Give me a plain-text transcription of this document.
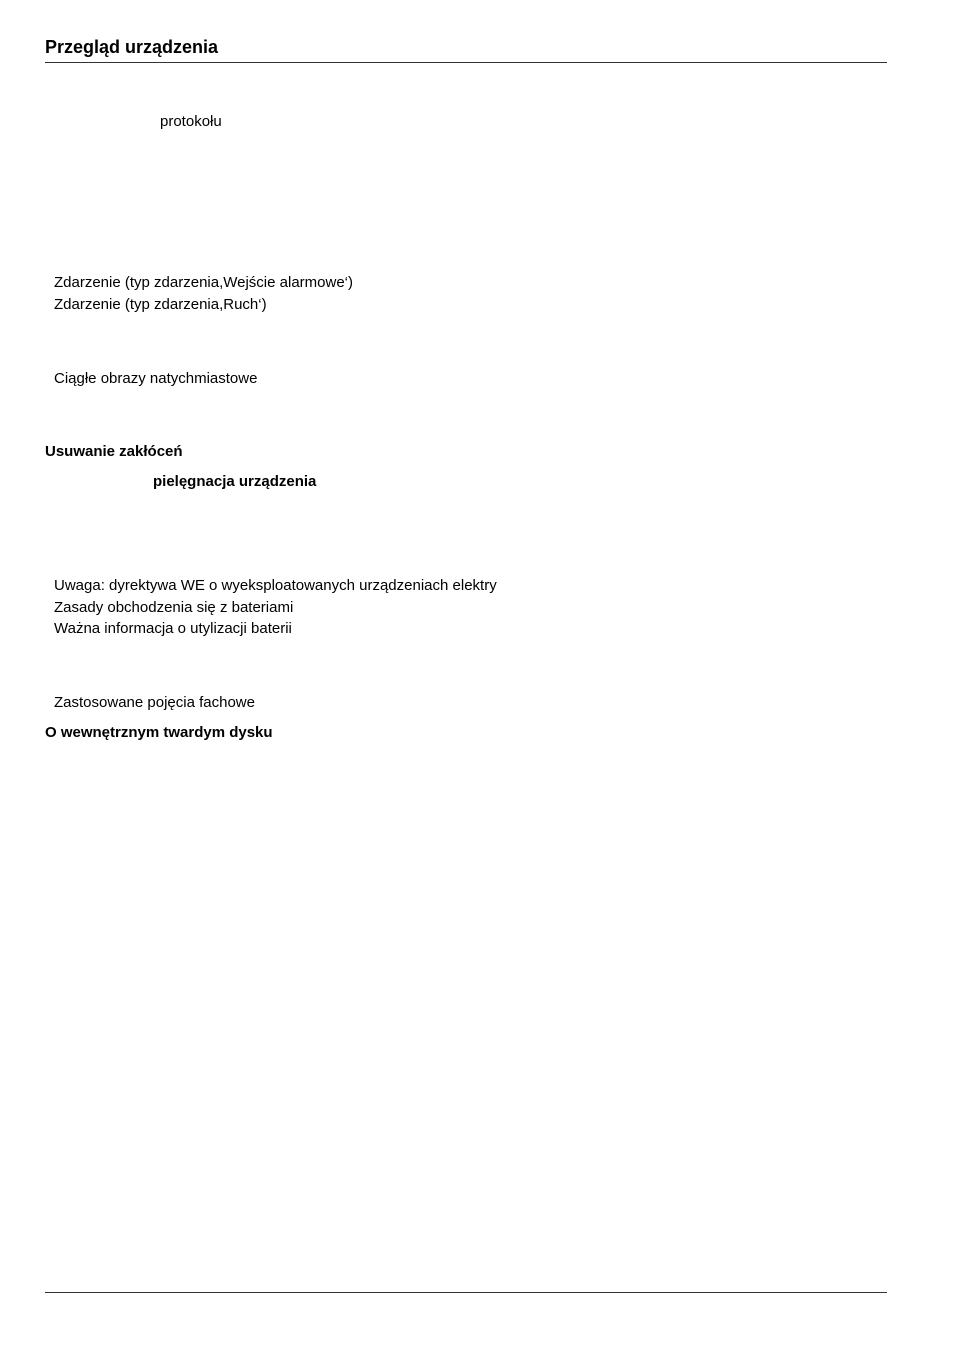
Przegląd urządzenia
protokołu
Zdarzenie (typ zdarzenia,Wejście alarmowe‘)
Zdarzenie (typ zdarzenia,Ruch‘)
Ciągłe obrazy natychmiastowe
Usuwanie zakłóceń
pielęgnacja urządzenia
Uwaga: dyrektywa WE o wyeksploatowanych urządzeniach elektry
Zasady obchodzenia się z bateriami
Ważna informacja o utylizacji baterii
Zastosowane pojęcia fachowe
O wewnętrznym twardym dysku
